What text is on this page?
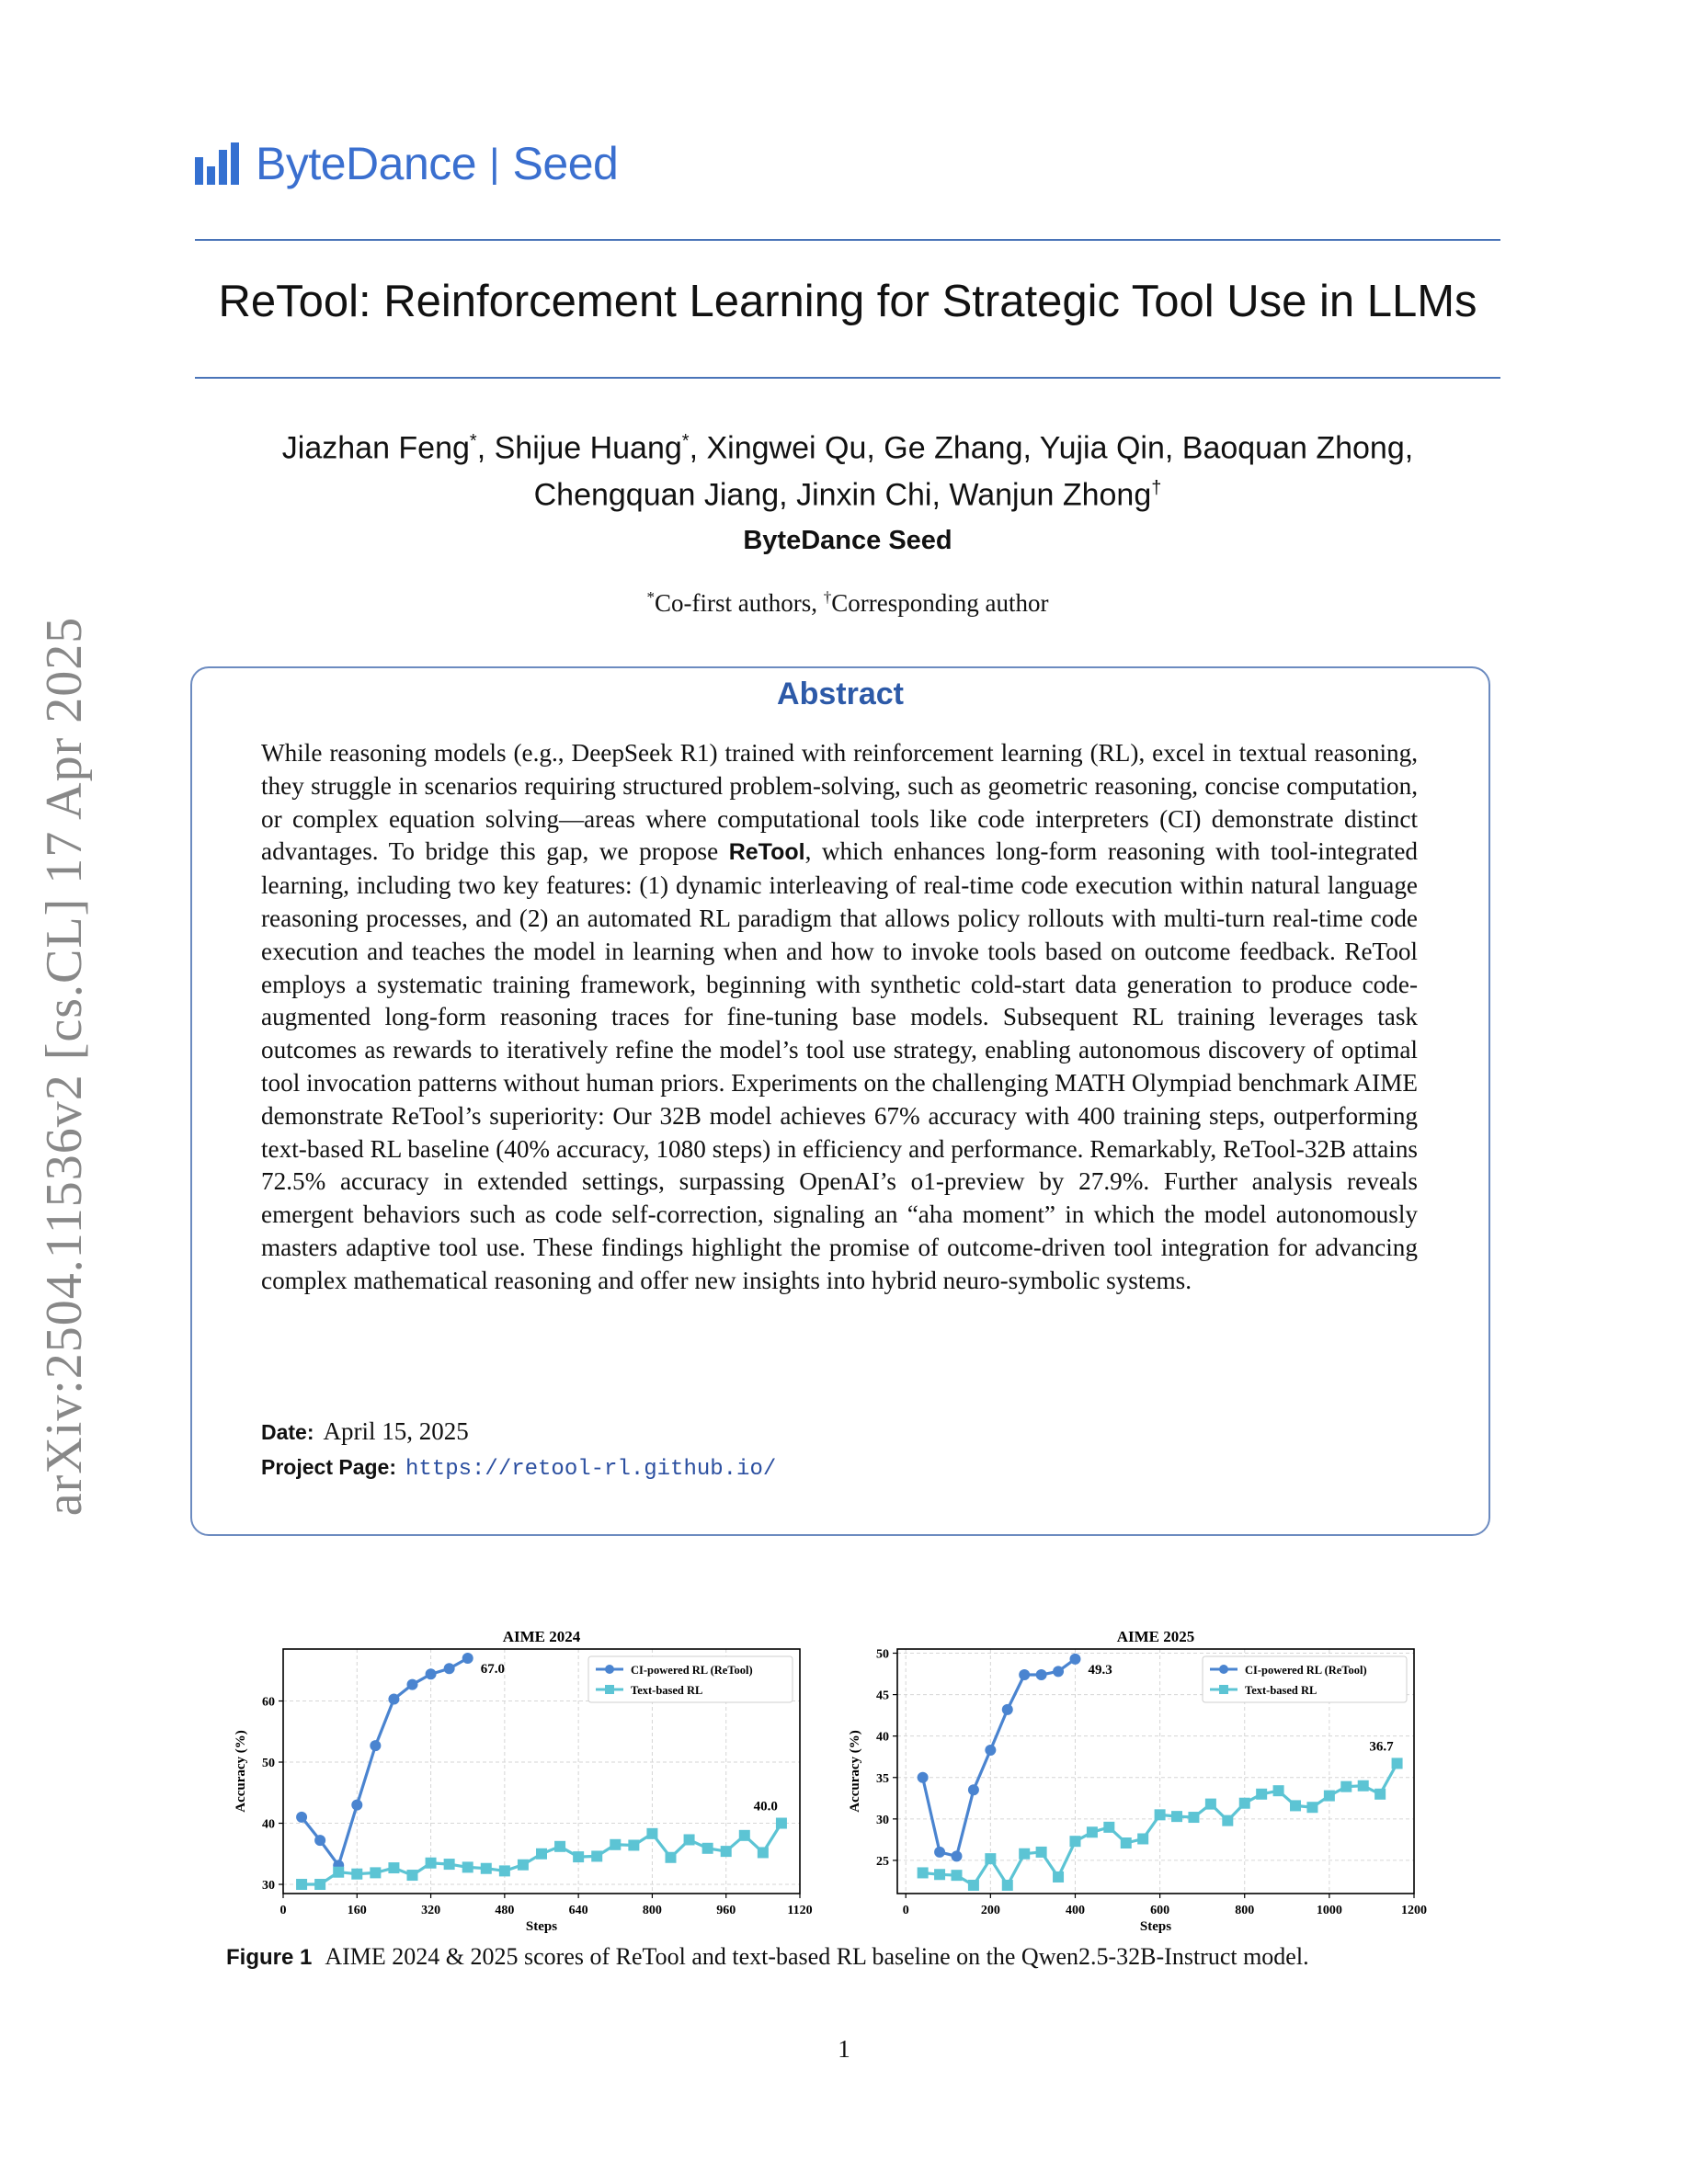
ByteDance | Seed
ReTool: Reinforcement Learning for Strategic Tool Use in LLMs
Jiazhan Feng*, Shijue Huang*, Xingwei Qu, Ge Zhang, Yujia Qin, Baoquan Zhong,
Chengquan Jiang, Jinxin Chi, Wanjun Zhong†
ByteDance Seed
*Co-first authors, †Corresponding author
arXiv:2504.11536v2 [cs.CL] 17 Apr 2025	Abstract
While reasoning models (e.g., DeepSeek R1) trained with reinforcement learning (RL), excel in textual reasoning, they struggle in scenarios requiring structured problem-solving, such as geometric reasoning, concise computation, or complex equation solving—areas where computational tools like code interpreters (CI) demonstrate distinct advantages. To bridge this gap, we propose ReTool, which enhances long-form reasoning with tool-integrated learning, including two key features: (1) dynamic interleaving of real-time code execution within natural language reasoning processes, and (2) an automated RL paradigm that allows policy rollouts with multi-turn real-time code execution and teaches the model in learning when and how to invoke tools based on outcome feedback. ReTool employs a systematic training framework, beginning with synthetic cold-start data generation to produce code-augmented long-form reasoning traces for fine-tuning base models. Subsequent RL training leverages task outcomes as rewards to iteratively refine the model’s tool use strategy, enabling autonomous discovery of optimal tool invocation patterns without human priors. Experiments on the challenging MATH Olympiad benchmark AIME demonstrate ReTool’s superiority: Our 32B model achieves 67% accuracy with 400 training steps, outperforming text-based RL baseline (40% accuracy, 1080 steps) in efficiency and performance. Remarkably, ReTool-32B attains 72.5% accuracy in extended settings, surpassing OpenAI’s o1-preview by 27.9%. Further analysis reveals emergent behaviors such as code self-correction, signaling an “aha moment” in which the model autonomously masters adaptive tool use. These findings highlight the promise of outcome-driven tool integration for advancing complex mathematical reasoning and offer new insights into hybrid neuro-symbolic systems.
Date: April 15, 2025
Project Page: https://retool-rl.github.io/
0	160	320	480	640	800	960	1120
30
40
50
60
AIME 2024
Steps
Accuracy (%)
67.0
40.0
CI-powered RL (ReTool)
Text-based RL
0	200	400	600	800	1000	1200
25
30
35
40
45
50
AIME 2025
Steps
Accuracy (%)
49.3
36.7
CI-powered RL (ReTool)
Text-based RL
Figure 1 AIME 2024 & 2025 scores of ReTool and text-based RL baseline on the Qwen2.5-32B-Instruct model.
1
